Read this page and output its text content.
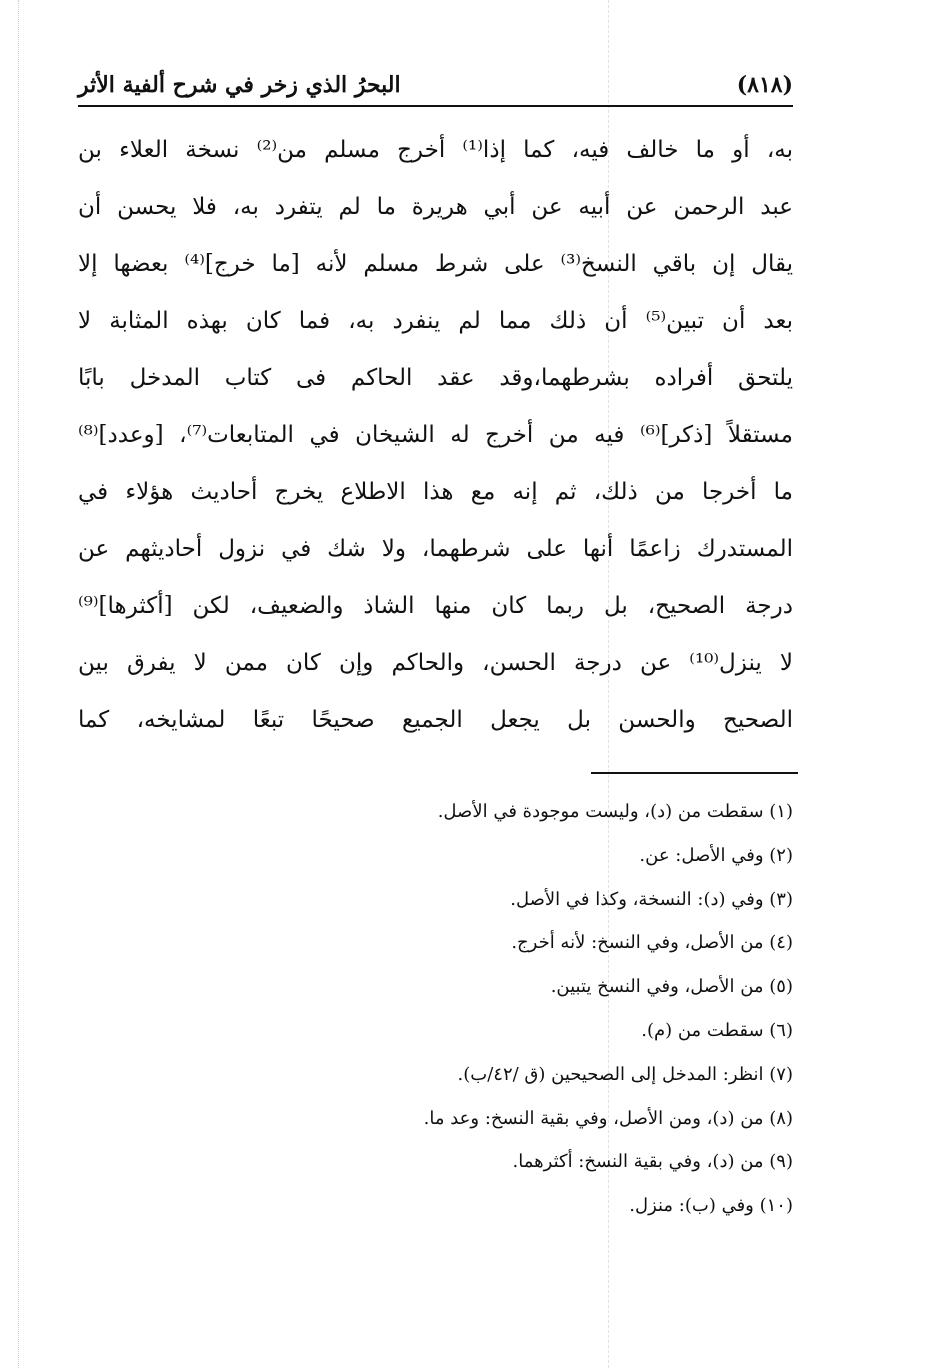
(٨١٨)
البحرُ الذي زخر في شرح ألفية الأثر
به، أو ما خالف فيه، كما إذا⁽¹⁾ أخرج مسلم من⁽²⁾ نسخة العلاء بن
عبد الرحمن عن أبيه عن أبي هريرة ما لم يتفرد به، فلا يحسن أن
يقال إن باقي النسخ⁽³⁾ على شرط مسلم لأنه [ما خرج]⁽⁴⁾ بعضها إلا
بعد أن تبين⁽⁵⁾ أن ذلك مما لم ينفرد به، فما كان بهذه المثابة لا
يلتحق أفراده بشرطهما،وقد عقد الحاكم فى كتاب المدخل بابًا
مستقلاً [ذكر]⁽⁶⁾ فيه من أخرج له الشيخان في المتابعات⁽⁷⁾، [وعدد]⁽⁸⁾
ما أخرجا من ذلك، ثم إنه مع هذا الاطلاع يخرج أحاديث هؤلاء في
المستدرك زاعمًا أنها على شرطهما، ولا شك في نزول أحاديثهم عن
درجة الصحيح، بل ربما كان منها الشاذ والضعيف، لكن [أكثرها]⁽⁹⁾
لا ينزل⁽¹⁰⁾ عن درجة الحسن، والحاكم وإن كان ممن لا يفرق بين
الصحيح والحسن بل يجعل الجميع صحيحًا تبعًا لمشايخه، كما
(١) سقطت من (د)، وليست موجودة في الأصل.
(٢) وفي الأصل: عن.
(٣) وفي (د): النسخة، وكذا في الأصل.
(٤) من الأصل، وفي النسخ: لأنه أخرج.
(٥) من الأصل، وفي النسخ يتبين.
(٦) سقطت من (م).
(٧) انظر: المدخل إلى الصحيحين (ق /٤٢/ب).
(٨) من (د)، ومن الأصل، وفي بقية النسخ: وعد ما.
(٩) من (د)، وفي بقية النسخ: أكثرهما.
(١٠) وفي (ب): منزل.
